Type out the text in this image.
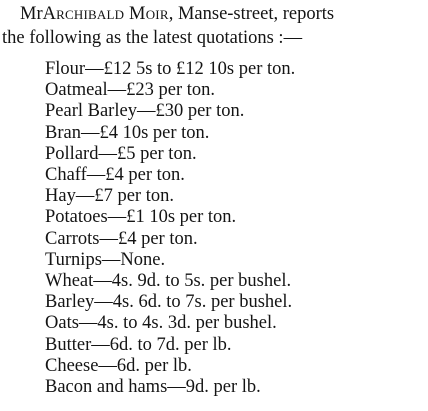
MrArchibald Moir, Manse-street, reports
the following as the latest quotations :—
Flour—£12 5s to £12 10s per ton.
Oatmeal—£23 per ton.
Pearl Barley—£30 per ton.
Bran—£4 10s per ton.
Pollard—£5 per ton.
Chaff—£4 per ton.
Hay—£7 per ton.
Potatoes—£1 10s per ton.
Carrots—£4 per ton.
Turnips—None.
Wheat—4s. 9d. to 5s. per bushel.
Barley—4s. 6d. to 7s. per bushel.
Oats—4s. to 4s. 3d. per bushel.
Butter—6d. to 7d. per lb.
Cheese—6d. per lb.
Bacon and hams—9d. per lb.
